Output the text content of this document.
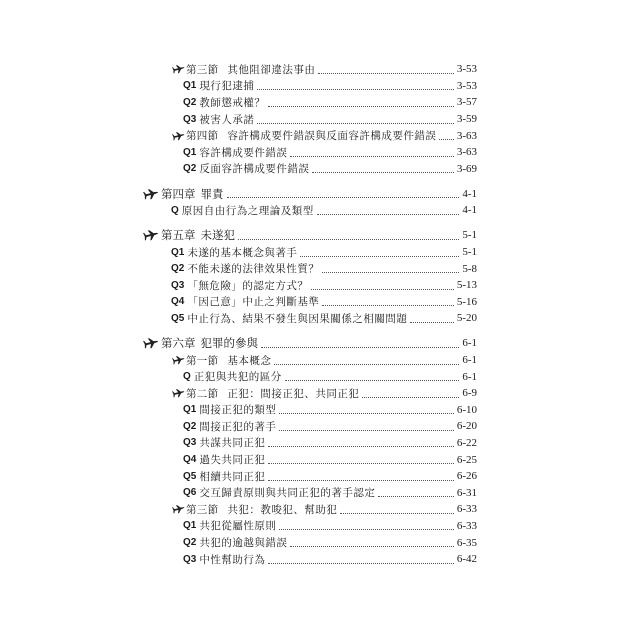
第三節 其他阻卻違法事由	3-53
Q1 現行犯逮捕	3-53
Q2 教師懲戒權？	3-57
Q3 被害人承諾	3-59
第四節 容許構成要件錯誤與反面容許構成要件錯誤 3-63
Q1 容許構成要件錯誤	3-63
Q2 反面容許構成要件錯誤	3-69
第四章 罪責	4-1
Q 原因自由行為之理論及類型	4-1
第五章 未遂犯	5-1
Q1 未遂的基本概念與著手	5-1
Q2 不能未遂的法律效果性質？	5-8
Q3 「無危險」的認定方式？	5-13
Q4 「因己意」中止之判斷基準	5-16
Q5 中止行為、結果不發生與因果關係之相關問題	5-20
第六章 犯罪的參與	6-1
第一節 基本概念	6-1
Q 正犯與共犯的區分	6-1
第二節 正犯：間接正犯、共同正犯	6-9
Q1 間接正犯的類型	6-10
Q2 間接正犯的著手	6-20
Q3 共謀共同正犯	6-22
Q4 過失共同正犯	6-25
Q5 相續共同正犯	6-26
Q6 交互歸責原則與共同正犯的著手認定	6-31
第三節 共犯：教唆犯、幫助犯	6-33
Q1 共犯從屬性原則	6-33
Q2 共犯的逾越與錯誤	6-35
Q3 中性幫助行為	6-42
